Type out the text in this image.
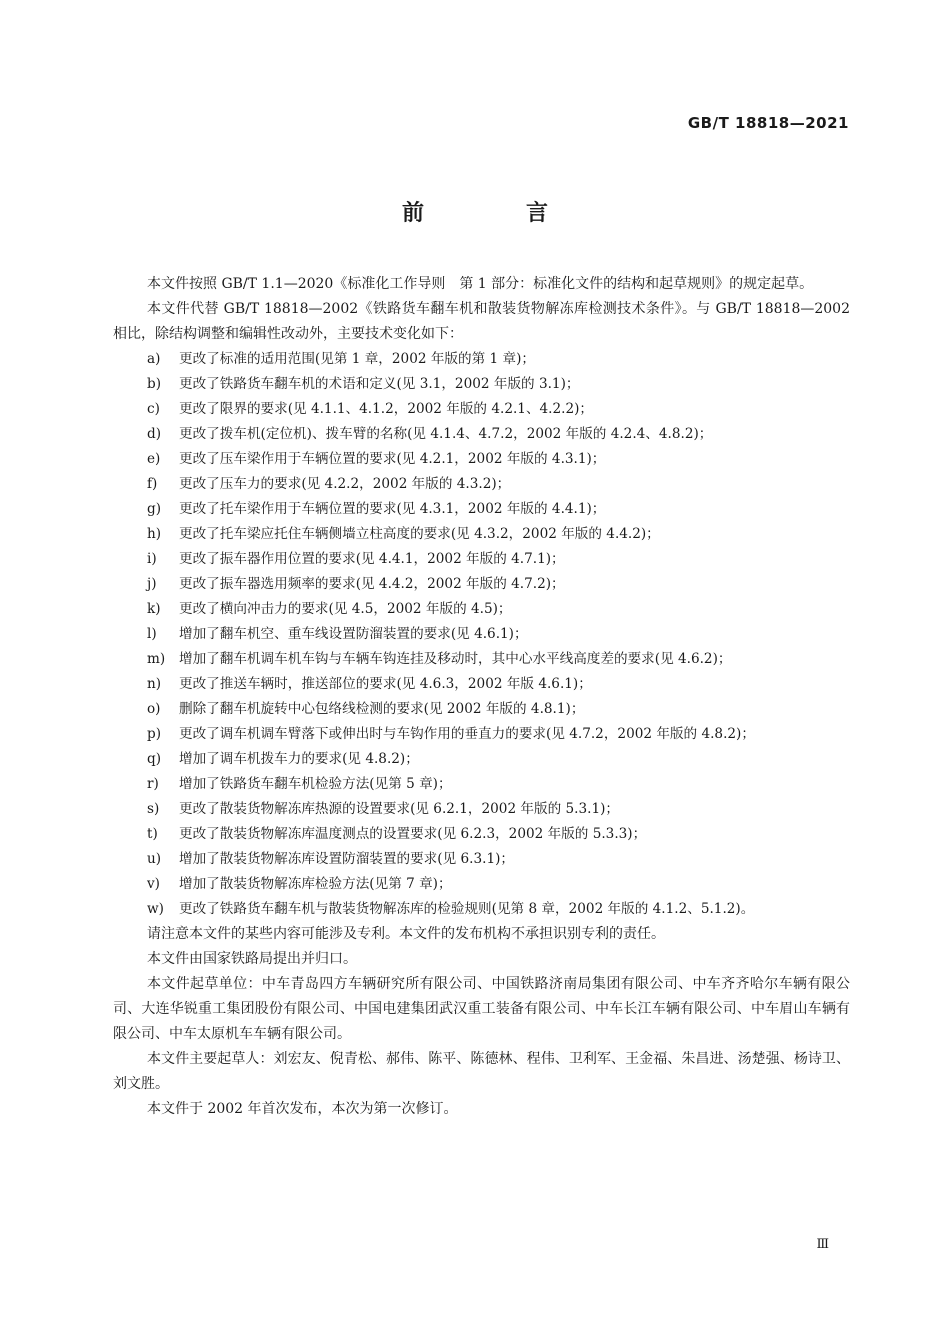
GB/T 18818—2021
前　言

本文件按照 GB/T 1.1—2020《标准化工作导则　第 1 部分：标准化文件的结构和起草规则》的规定起草。

本文件代替 GB/T 18818—2002《铁路货车翻车机和散装货物解冻库检测技术条件》。与 GB/T 18818—2002 相比，除结构调整和编辑性改动外，主要技术变化如下：

a)	更改了标准的适用范围(见第 1 章，2002 年版的第 1 章)；
b)	更改了铁路货车翻车机的术语和定义(见 3.1，2002 年版的 3.1)；
c)	更改了限界的要求(见 4.1.1、4.1.2，2002 年版的 4.2.1、4.2.2)；
d)	更改了拨车机(定位机)、拨车臂的名称(见 4.1.4、4.7.2，2002 年版的 4.2.4、4.8.2)；
e)	更改了压车梁作用于车辆位置的要求(见 4.2.1，2002 年版的 4.3.1)；
f)	更改了压车力的要求(见 4.2.2，2002 年版的 4.3.2)；
g)	更改了托车梁作用于车辆位置的要求(见 4.3.1，2002 年版的 4.4.1)；
h)	更改了托车梁应托住车辆侧墙立柱高度的要求(见 4.3.2，2002 年版的 4.4.2)；
i)	更改了振车器作用位置的要求(见 4.4.1，2002 年版的 4.7.1)；
j)	更改了振车器选用频率的要求(见 4.4.2，2002 年版的 4.7.2)；
k)	更改了横向冲击力的要求(见 4.5，2002 年版的 4.5)；
l)	增加了翻车机空、重车线设置防溜装置的要求(见 4.6.1)；
m)	增加了翻车机调车机车钩与车辆车钩连挂及移动时，其中心水平线高度差的要求(见 4.6.2)；
n)	更改了推送车辆时，推送部位的要求(见 4.6.3，2002 年版 4.6.1)；
o)	删除了翻车机旋转中心包络线检测的要求(见 2002 年版的 4.8.1)；
p)	更改了调车机调车臂落下或伸出时与车钩作用的垂直力的要求(见 4.7.2，2002 年版的 4.8.2)；
q)	增加了调车机拨车力的要求(见 4.8.2)；
r)	增加了铁路货车翻车机检验方法(见第 5 章)；
s)	更改了散装货物解冻库热源的设置要求(见 6.2.1，2002 年版的 5.3.1)；
t)	更改了散装货物解冻库温度测点的设置要求(见 6.2.3，2002 年版的 5.3.3)；
u)	增加了散装货物解冻库设置防溜装置的要求(见 6.3.1)；
v)	增加了散装货物解冻库检验方法(见第 7 章)；
w)	更改了铁路货车翻车机与散装货物解冻库的检验规则(见第 8 章，2002 年版的 4.1.2、5.1.2)。

请注意本文件的某些内容可能涉及专利。本文件的发布机构不承担识别专利的责任。

本文件由国家铁路局提出并归口。

本文件起草单位：中车青岛四方车辆研究所有限公司、中国铁路济南局集团有限公司、中车齐齐哈尔车辆有限公司、大连华锐重工集团股份有限公司、中国电建集团武汉重工装备有限公司、中车长江车辆有限公司、中车眉山车辆有限公司、中车太原机车车辆有限公司。

本文件主要起草人：刘宏友、倪青松、郝伟、陈平、陈德林、程伟、卫利军、王金福、朱昌进、汤楚强、杨诗卫、刘文胜。

本文件于 2002 年首次发布，本次为第一次修订。

Ⅲ
